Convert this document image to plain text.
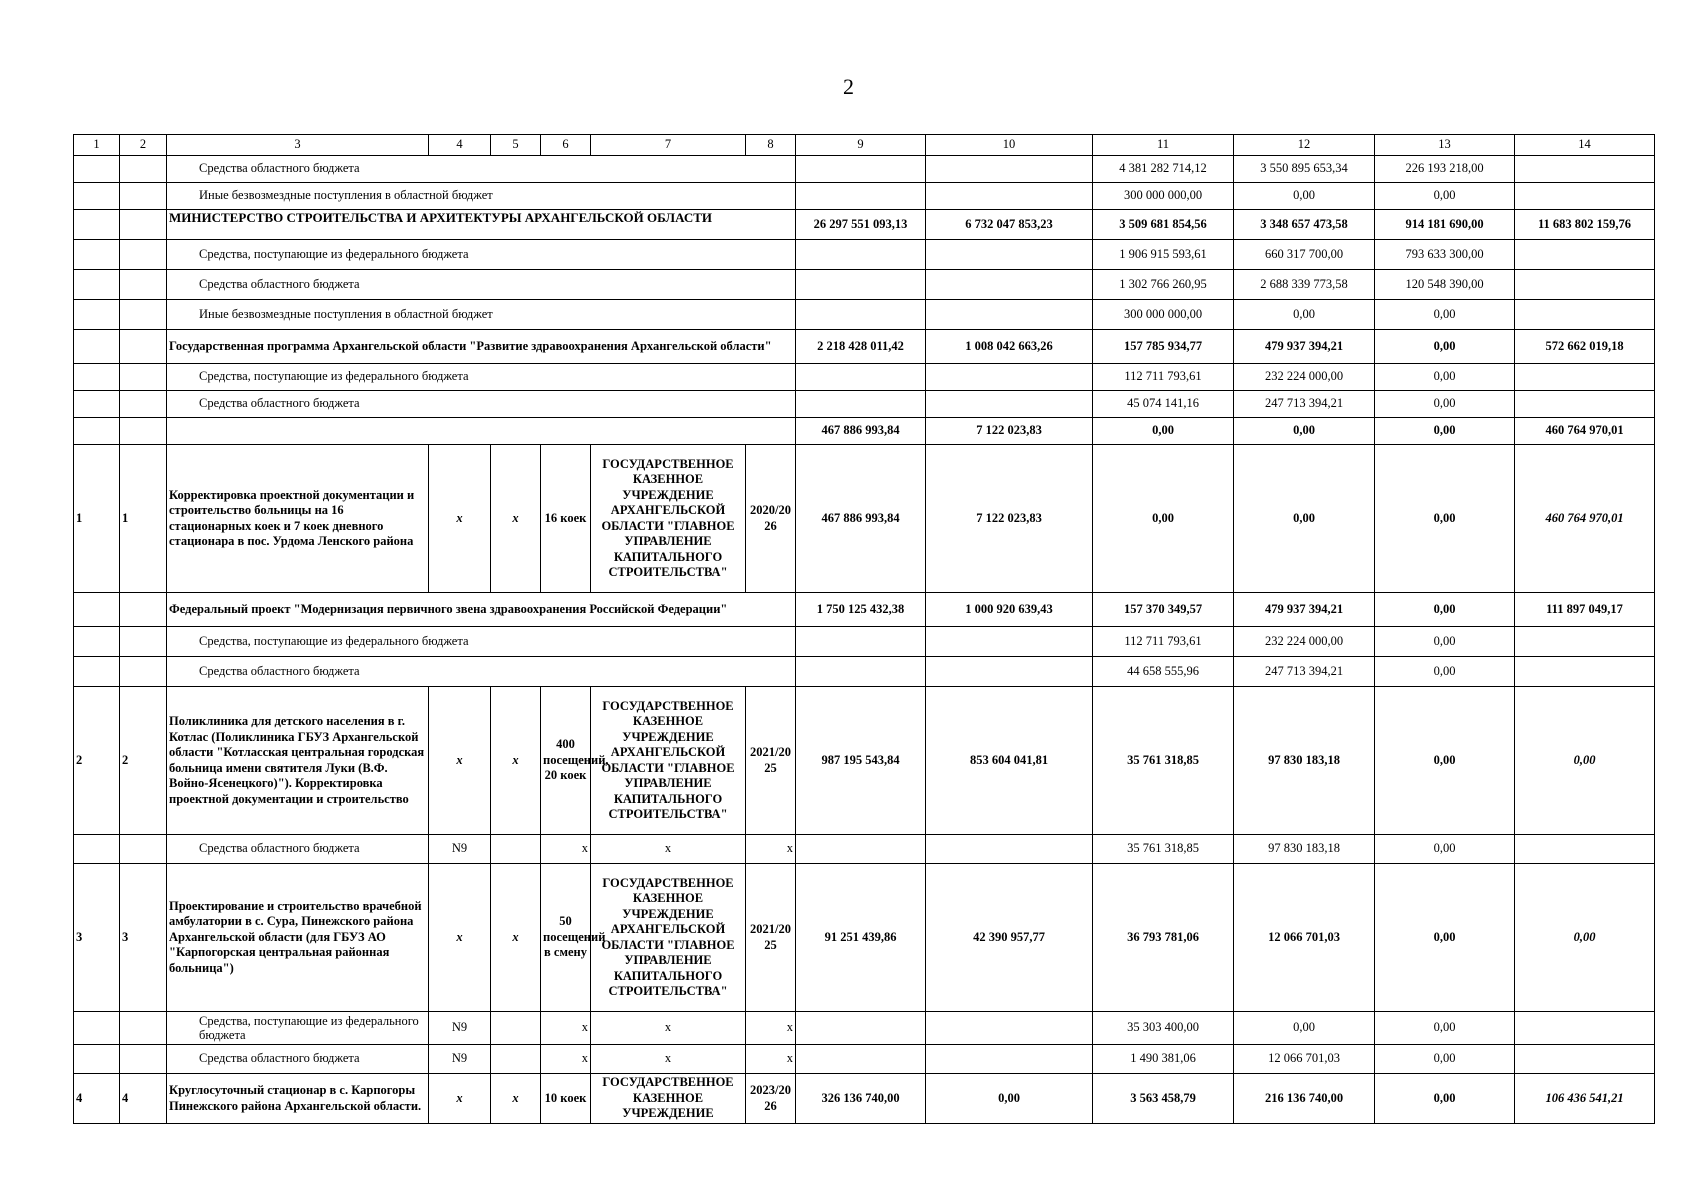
2
1	2	3	4	5	6	7	8	9	10	11	12	13	14
		Средства областного бюджета								4 381 282 714,12	3 550 895 653,34	226 193 218,00	
		Иные безвозмездные поступления в областной бюджет								300 000 000,00	0,00	0,00	
		МИНИСТЕРСТВО СТРОИТЕЛЬСТВА И АРХИТЕКТУРЫ АРХАНГЕЛЬСКОЙ ОБЛАСТИ						26 297 551 093,13	6 732 047 853,23	3 509 681 854,56	3 348 657 473,58	914 181 690,00	11 683 802 159,76
		Средства, поступающие из федерального бюджета								1 906 915 593,61	660 317 700,00	793 633 300,00	
		Средства областного бюджета								1 302 766 260,95	2 688 339 773,58	120 548 390,00	
		Иные безвозмездные поступления в областной бюджет								300 000 000,00	0,00	0,00	
		Государственная программа Архангельской области "Развитие здравоохранения Архангельской области"						2 218 428 011,42	1 008 042 663,26	157 785 934,77	479 937 394,21	0,00	572 662 019,18
		Средства, поступающие из федерального бюджета								112 711 793,61	232 224 000,00	0,00	
		Средства областного бюджета								45 074 141,16	247 713 394,21	0,00	
								467 886 993,84	7 122 023,83	0,00	0,00	0,00	460 764 970,01
1	1	Корректировка проектной документации и строительство больницы на 16 стационарных коек и 7 коек дневного стационара в пос. Урдома Ленского района	x	x	16 коек	ГОСУДАРСТВЕННОЕ КАЗЕННОЕ УЧРЕЖДЕНИЕ АРХАНГЕЛЬСКОЙ ОБЛАСТИ "ГЛАВНОЕ УПРАВЛЕНИЕ КАПИТАЛЬНОГО СТРОИТЕЛЬСТВА"	2020/2026	467 886 993,84	7 122 023,83	0,00	0,00	0,00	460 764 970,01
		Федеральный проект "Модернизация первичного звена здравоохранения Российской Федерации"						1 750 125 432,38	1 000 920 639,43	157 370 349,57	479 937 394,21	0,00	111 897 049,17
		Средства, поступающие из федерального бюджета								112 711 793,61	232 224 000,00	0,00	
		Средства областного бюджета								44 658 555,96	247 713 394,21	0,00	
2	2	Поликлиника для детского населения в г. Котлас (Поликлиника ГБУЗ Архангельской области "Котласская центральная городская больница имени святителя Луки (В.Ф. Войно-Ясенецкого)"). Корректировка проектной документации и строительство	x	x	400 посещений, 20 коек	ГОСУДАРСТВЕННОЕ КАЗЕННОЕ УЧРЕЖДЕНИЕ АРХАНГЕЛЬСКОЙ ОБЛАСТИ "ГЛАВНОЕ УПРАВЛЕНИЕ КАПИТАЛЬНОГО СТРОИТЕЛЬСТВА"	2021/2025	987 195 543,84	853 604 041,81	35 761 318,85	97 830 183,18	0,00	0,00
		Средства областного бюджета	N9		x	x	x			35 761 318,85	97 830 183,18	0,00	
3	3	Проектирование и строительство врачебной амбулатории в с. Сура, Пинежского района Архангельской области (для ГБУЗ АО "Карпогорская центральная районная больница")	x	x	50 посещений в смену	ГОСУДАРСТВЕННОЕ КАЗЕННОЕ УЧРЕЖДЕНИЕ АРХАНГЕЛЬСКОЙ ОБЛАСТИ "ГЛАВНОЕ УПРАВЛЕНИЕ КАПИТАЛЬНОГО СТРОИТЕЛЬСТВА"	2021/2025	91 251 439,86	42 390 957,77	36 793 781,06	12 066 701,03	0,00	0,00
		Средства, поступающие из федерального бюджета	N9		x	x	x			35 303 400,00	0,00	0,00	
		Средства областного бюджета	N9		x	x	x			1 490 381,06	12 066 701,03	0,00	
4	4	Круглосуточный стационар в с. Карпогоры Пинежского района Архангельской области.	x	x	10 коек	ГОСУДАРСТВЕННОЕ КАЗЕННОЕ УЧРЕЖДЕНИЕ	2023/2026	326 136 740,00	0,00	3 563 458,79	216 136 740,00	0,00	106 436 541,21
